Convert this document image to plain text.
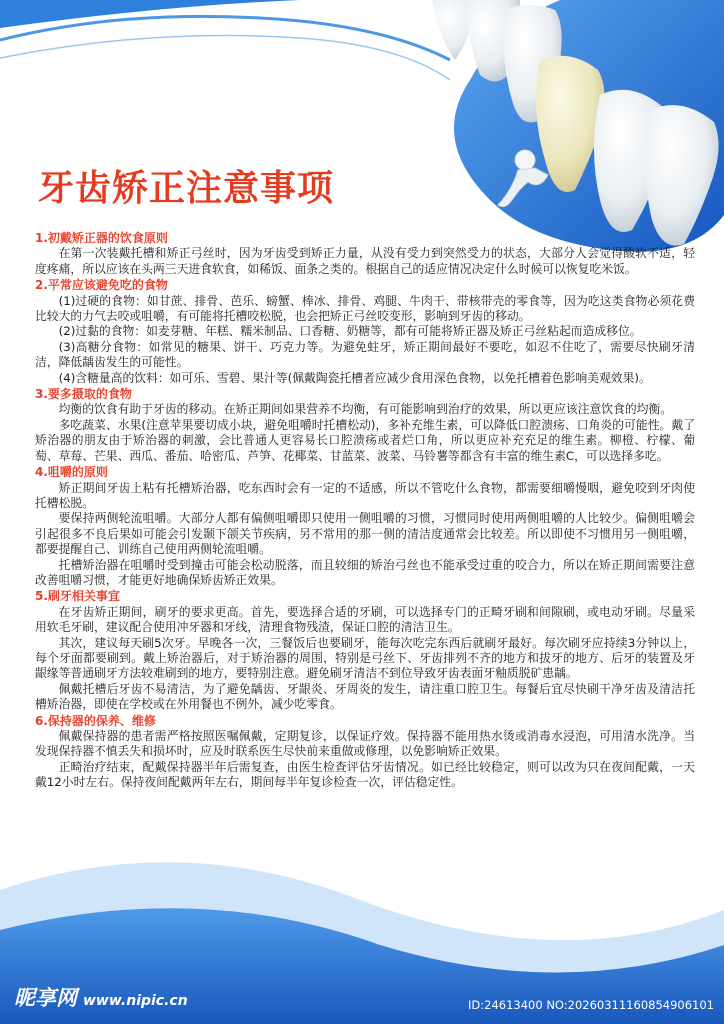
牙齿矫正注意事项
1.初戴矫正器的饮食原则

在第一次装戴托槽和矫正弓丝时，因为牙齿受到矫正力量，从没有受力到突然受力的状态，大部分人会觉得酸软不适，轻度疼痛，所以应该在头两三天进食软食，如稀饭、面条之类的。根据自己的适应情况决定什么时候可以恢复吃米饭。

2.平常应该避免吃的食物

(1)过硬的食物：如甘蔗、排骨、芭乐、螃蟹、棒冰、排骨、鸡腿、牛肉干、带核带壳的零食等，因为吃这类食物必须花费比较大的力气去咬或咀嚼，有可能将托槽咬松脱，也会把矫正弓丝咬变形，影响到牙齿的移动。

(2)过黏的食物：如麦芽糖、年糕、糯米制品、口香糖、奶糖等，都有可能将矫正器及矫正弓丝粘起而造成移位。

(3)高糖分食物：如常见的糖果、饼干、巧克力等。为避免蛀牙，矫正期间最好不要吃，如忍不住吃了，需要尽快刷牙清洁，降低龋齿发生的可能性。

(4)含糖量高的饮料：如可乐、雪碧、果汁等(佩戴陶瓷托槽者应减少食用深色食物，以免托槽着色影响美观效果)。

3.要多摄取的食物

均衡的饮食有助于牙齿的移动。在矫正期间如果营养不均衡，有可能影响到治疗的效果，所以更应该注意饮食的均衡。

多吃蔬菜、水果(注意苹果要切成小块，避免咀嚼时托槽松动)，多补充维生素，可以降低口腔溃疡、口角炎的可能性。戴了矫治器的朋友由于矫治器的刺激，会比普通人更容易长口腔溃疡或者烂口角，所以更应补充充足的维生素。柳橙、柠檬、葡萄、草莓、芒果、西瓜、番茄、哈密瓜、芦笋、花椰菜、甘蓝菜、波菜、马铃薯等都含有丰富的维生素C，可以选择多吃。

4.咀嚼的原则

矫正期间牙齿上粘有托槽矫治器，吃东西时会有一定的不适感，所以不管吃什么食物，都需要细嚼慢咽，避免咬到牙肉使托槽松脱。

要保持两侧轮流咀嚼。大部分人都有偏侧咀嚼即只使用一侧咀嚼的习惯，习惯同时使用两侧咀嚼的人比较少。偏侧咀嚼会引起很多不良后果如可能会引发颞下颌关节疾病，另不常用的那一侧的清洁度通常会比较差。所以即使不习惯用另一侧咀嚼，都要提醒自己、训练自己使用两侧轮流咀嚼。

托槽矫治器在咀嚼时受到撞击可能会松动脱落，而且较细的矫治弓丝也不能承受过重的咬合力，所以在矫正期间需要注意改善咀嚼习惯，才能更好地确保矫齿矫正效果。

5.刷牙相关事宜

在牙齿矫正期间，刷牙的要求更高。首先，要选择合适的牙刷，可以选择专门的正畸牙刷和间隙刷，或电动牙刷。尽量采用软毛牙刷，建议配合使用冲牙器和牙线，清理食物残渣，保证口腔的清洁卫生。

其次，建议每天刷5次牙。早晚各一次，三餐饭后也要刷牙，能每次吃完东西后就刷牙最好。每次刷牙应持续3分钟以上，每个牙面都要刷到。戴上矫治器后，对于矫治器的周围，特别是弓丝下、牙齿排列不齐的地方和拔牙的地方、后牙的装置及牙龈缘等普通刷牙方法较难刷到的地方，要特别注意。避免刷牙清洁不到位导致牙齿表面牙釉质脱矿患龋。

佩戴托槽后牙齿不易清洁，为了避免龋齿、牙龈炎、牙周炎的发生，请注重口腔卫生。每餐后宜尽快刷干净牙齿及清洁托槽矫治器，即使在学校或在外用餐也不例外，减少吃零食。

6.保持器的保养、维修

佩戴保持器的患者需严格按照医嘱佩戴，定期复诊，以保证疗效。保持器不能用热水烫或消毒水浸泡，可用清水洗净。当发现保持器不慎丢失和损坏时，应及时联系医生尽快前来重做或修理，以免影响矫正效果。

正畸治疗结束，配戴保持器半年后需复查，由医生检查评估牙齿情况。如已经比较稳定，则可以改为只在夜间配戴，一天戴12小时左右。保持夜间配戴两年左右，期间每半年复诊检查一次，评估稳定性。

昵享网 www.nipic.cn	ID:24613400 NO:20260311160854906101
